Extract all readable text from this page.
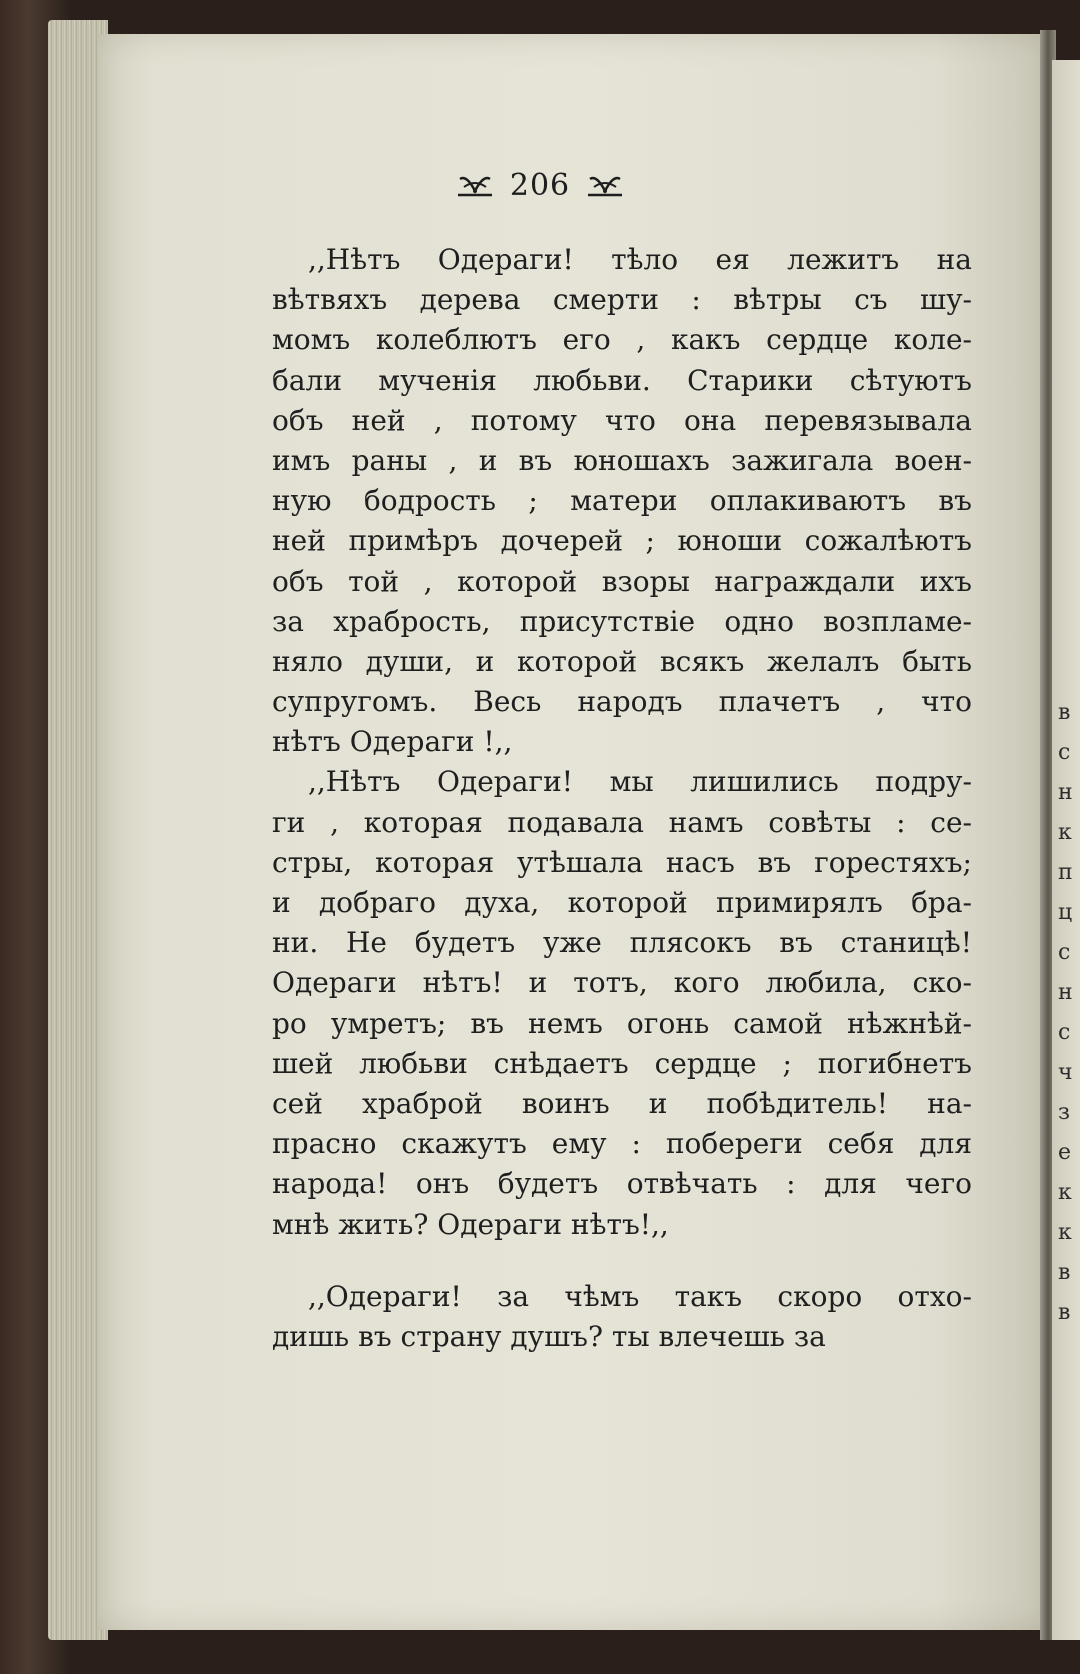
в
с
н
к
п
ц
с
н
с
ч
з
е
к
к
в
в
206
,,Нѣтъ Одераги! тѣло ея лежитъ на
вѣтвяхъ дерева смерти : вѣтры съ шу-
момъ колеблютъ его , какъ сердце коле-
бали мученія любьви. Старики сѣтуютъ
объ ней , потому что она перевязывала
имъ раны , и въ юношахъ зажигала воен-
ную бодрость ; матери оплакиваютъ въ
ней примѣръ дочерей ; юноши сожалѣютъ
объ той , которой взоры награждали ихъ
за храбрость, присутствіе одно возпламе-
няло души, и которой всякъ желалъ быть
супругомъ. Весь народъ плачетъ , что
нѣтъ Одераги !,,
,,Нѣтъ Одераги! мы лишились подру-
ги , которая подавала намъ совѣты : се-
стры, которая утѣшала насъ въ горестяхъ;
и добраго духа, которой примирялъ бра-
ни. Не будетъ уже плясокъ въ станицѣ!
Одераги нѣтъ! и тотъ, кого любила, ско-
ро умретъ; въ немъ огонь самой нѣжнѣй-
шей любьви снѣдаетъ сердце ; погибнетъ
сей храброй воинъ и побѣдитель! на-
прасно скажутъ ему : побереги себя для
народа! онъ будетъ отвѣчать : для чего
мнѣ жить? Одераги нѣтъ!,,
,,Одераги! за чѣмъ такъ скоро отхо-
дишь въ страну душъ? ты влечешь за
